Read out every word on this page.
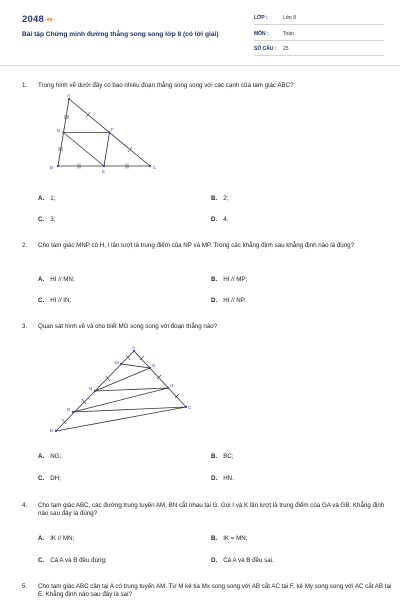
2048.vn
Bài tập Chứng minh đường thẳng song song lớp 8 (có lời giải)
LỚP :	Lớp 8
MÔN :	Toán
SỐ CÂU : 25
1. Trong hình vẽ dưới đây có bao nhiêu đoạn thẳng song song với các cạnh của tam giác ABC?
A
D	F
B
E
C
A. 1;	B. 2;
C. 3;	D. 4.
2. Cho tam giác MNP có H, I lần lượt là trung điểm của NP và MP. Trong các khẳng định sau khẳng định nào là đúng?
A. HI // MN;	B. HI // MP;
C. HI // IN;	D. HI // NP.
3. Quan sát hình vẽ và cho biết MG song song với đoạn thẳng nào?
A
M
G
N
H
D	C
B
A. NG;	B. BC;
C. DH;	D. HN.
4. Cho tam giác ABC, các đường trung tuyến AM, BN cắt nhau tại G. Gọi I và K lần lượt là trung điểm của GA và GB. Khẳng định nào sau đây là đúng?
A. IK // MN;	B. IK = MN;
C. Cả A và B đều đúng;	D. Cả A và B đều sai.
5. Cho tam giác ABC cân tại A có trung tuyến AM. Từ M kẻ tia Mx song song với AB cắt AC tại F, kẻ My song song với AC cắt AB tại E. Khẳng định nào sau đây là sai?
